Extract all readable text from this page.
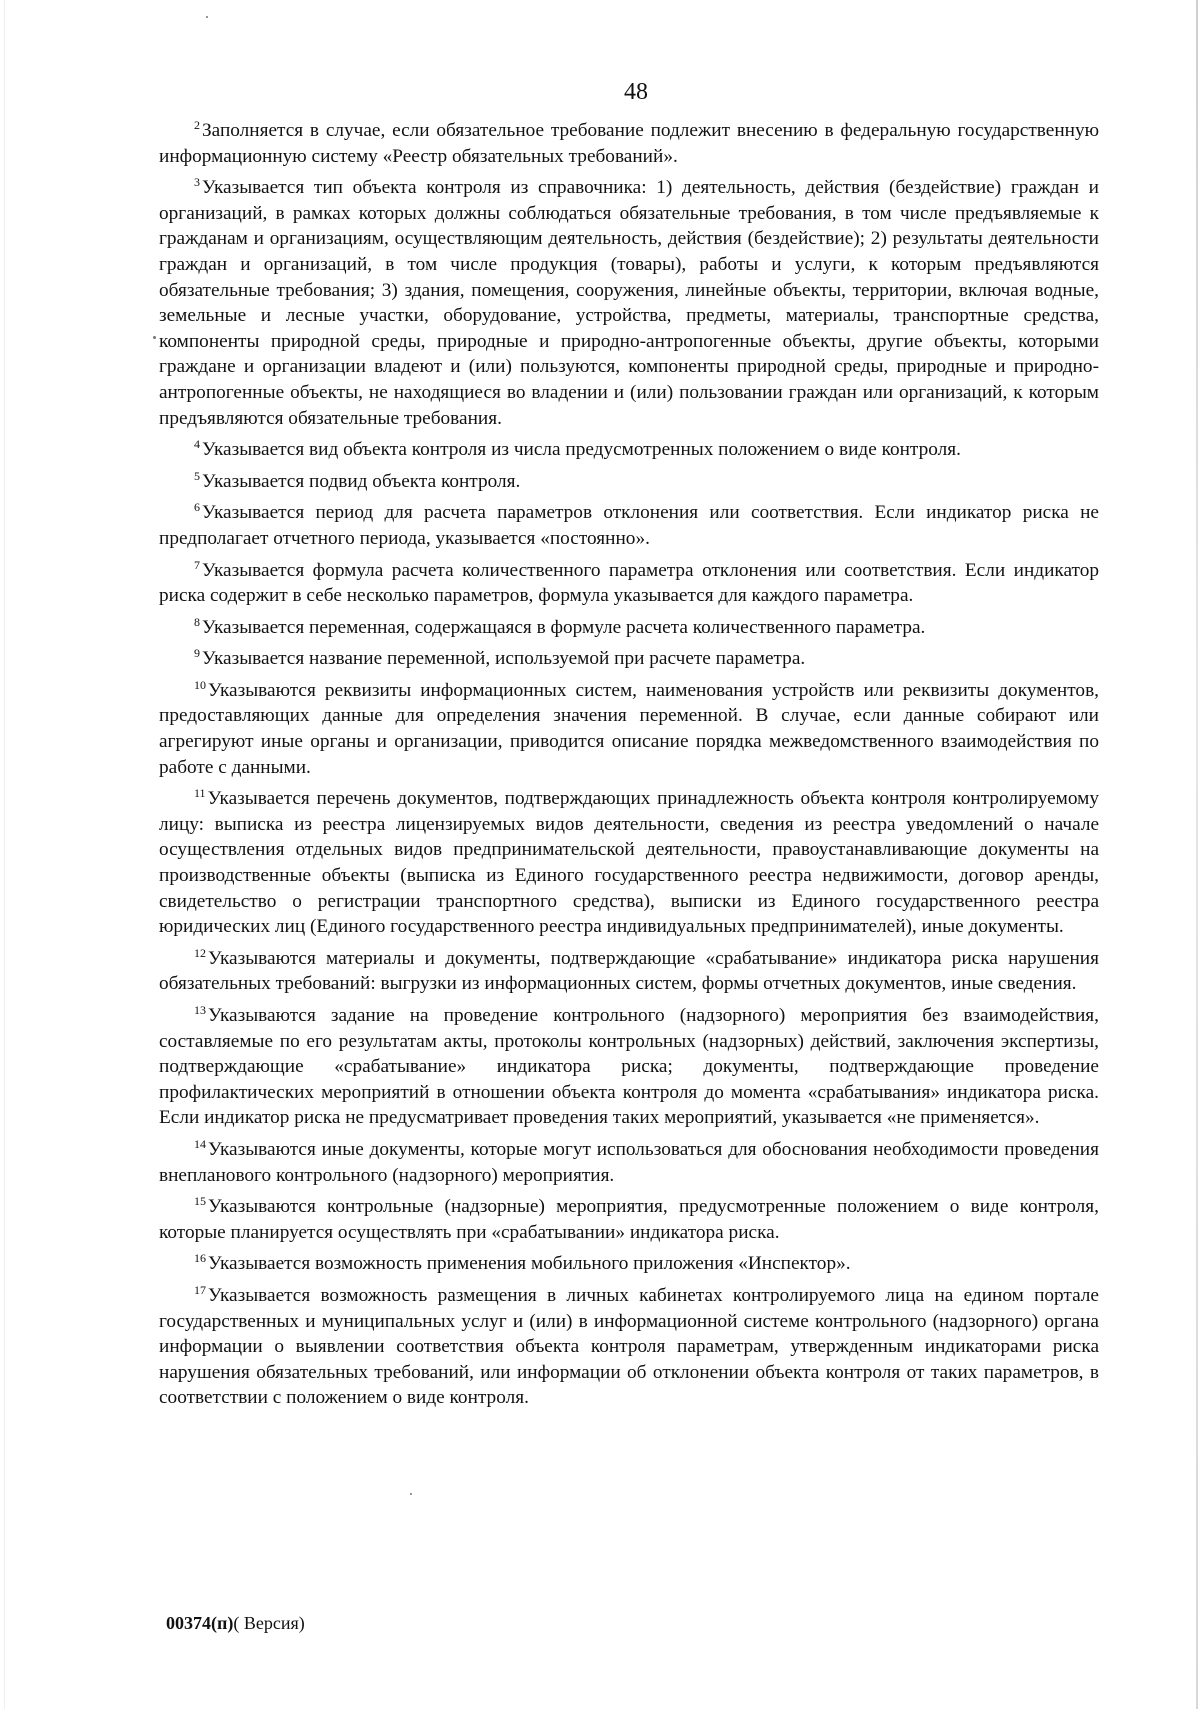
48

$^2$ Заполняется в случае, если обязательное требование подлежит внесению в федеральную государственную информационную систему «Реестр обязательных требований».

$^3$ Указывается тип объекта контроля из справочника: 1) деятельность, действия (бездействие) граждан и организаций, в рамках которых должны соблюдаться обязательные требования, в том числе предъявляемые к гражданам и организациям, осуществляющим деятельность, действия (бездействие); 2) результаты деятельности граждан и организаций, в том числе продукция (товары), работы и услуги, к которым предъявляются обязательные требования; 3) здания, помещения, сооружения, линейные объекты, территории, включая водные, земельные и лесные участки, оборудование, устройства, предметы, материалы, транспортные средства, компоненты природной среды, природные и природно-антропогенные объекты, другие объекты, которыми граждане и организации владеют и (или) пользуются, компоненты природной среды, природные и природно-антропогенные объекты, не находящиеся во владении и (или) пользовании граждан или организаций, к которым предъявляются обязательные требования.

$^4$ Указывается вид объекта контроля из числа предусмотренных положением о виде контроля.

$^5$ Указывается подвид объекта контроля.

$^6$ Указывается период для расчета параметров отклонения или соответствия. Если индикатор риска не предполагает отчетного периода, указывается «постоянно».

$^7$ Указывается формула расчета количественного параметра отклонения или соответствия. Если индикатор риска содержит в себе несколько параметров, формула указывается для каждого параметра.

$^8$ Указывается переменная, содержащаяся в формуле расчета количественного параметра.

$^9$ Указывается название переменной, используемой при расчете параметра.

$^{10}$ Указываются реквизиты информационных систем, наименования устройств или реквизиты документов, предоставляющих данные для определения значения переменной. В случае, если данные собирают или агрегируют иные органы и организации, приводится описание порядка межведомственного взаимодействия по работе с данными.

$^{11}$ Указывается перечень документов, подтверждающих принадлежность объекта контроля контролируемому лицу: выписка из реестра лицензируемых видов деятельности, сведения из реестра уведомлений о начале осуществления отдельных видов предпринимательской деятельности, правоустанавливающие документы на производственные объекты (выписка из Единого государственного реестра недвижимости, договор аренды, свидетельство о регистрации транспортного средства), выписки из Единого государственного реестра юридических лиц (Единого государственного реестра индивидуальных предпринимателей), иные документы.

$^{12}$ Указываются материалы и документы, подтверждающие «срабатывание» индикатора риска нарушения обязательных требований: выгрузки из информационных систем, формы отчетных документов, иные сведения.

$^{13}$ Указываются задание на проведение контрольного (надзорного) мероприятия без взаимодействия, составляемые по его результатам акты, протоколы контрольных (надзорных) действий, заключения экспертизы, подтверждающие «срабатывание» индикатора риска; документы, подтверждающие проведение профилактических мероприятий в отношении объекта контроля до момента «срабатывания» индикатора риска. Если индикатор риска не предусматривает проведения таких мероприятий, указывается «не применяется».

$^{14}$ Указываются иные документы, которые могут использоваться для обоснования необходимости проведения внепланового контрольного (надзорного) мероприятия.

$^{15}$ Указываются контрольные (надзорные) мероприятия, предусмотренные положением о виде контроля, которые планируется осуществлять при «срабатывании» индикатора риска.

$^{16}$ Указывается возможность применения мобильного приложения «Инспектор».

$^{17}$ Указывается возможность размещения в личных кабинетах контролируемого лица на едином портале государственных и муниципальных услуг и (или) в информационной системе контрольного (надзорного) органа информации о выявлении соответствия объекта контроля параметрам, утвержденным индикаторами риска нарушения обязательных требований, или информации об отклонении объекта контроля от таких параметров, в соответствии с положением о виде контроля.

00374(п)( Версия)
